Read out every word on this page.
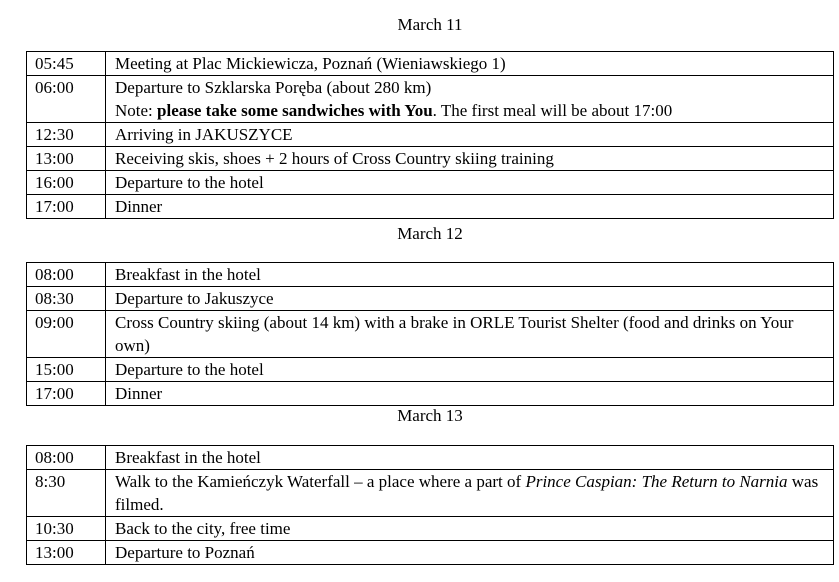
March 11
05:45	Meeting at Plac Mickiewicza, Poznań (Wieniawskiego 1)

06:00	Departure to Szklarska Poręba (about 280 km)
Note: please take some sandwiches with You. The first meal will be about 17:00

12:30	Arriving in JAKUSZYCE

13:00	Receiving skis, shoes + 2 hours of Cross Country skiing training

16:00	Departure to the hotel

17:00	Dinner
March 12
08:00	Breakfast in the hotel

08:30	Departure to Jakuszyce

09:00	Cross Country skiing (about 14 km) with a brake in ORLE Tourist Shelter (food and drinks on Your own)

15:00	Departure to the hotel

17:00	Dinner
March 13
08:00	Breakfast in the hotel

8:30	Walk to the Kamieńczyk Waterfall – a place where a part of Prince Caspian: The Return to Narnia was filmed.

10:30	Back to the city, free time

13:00	Departure to Poznań
